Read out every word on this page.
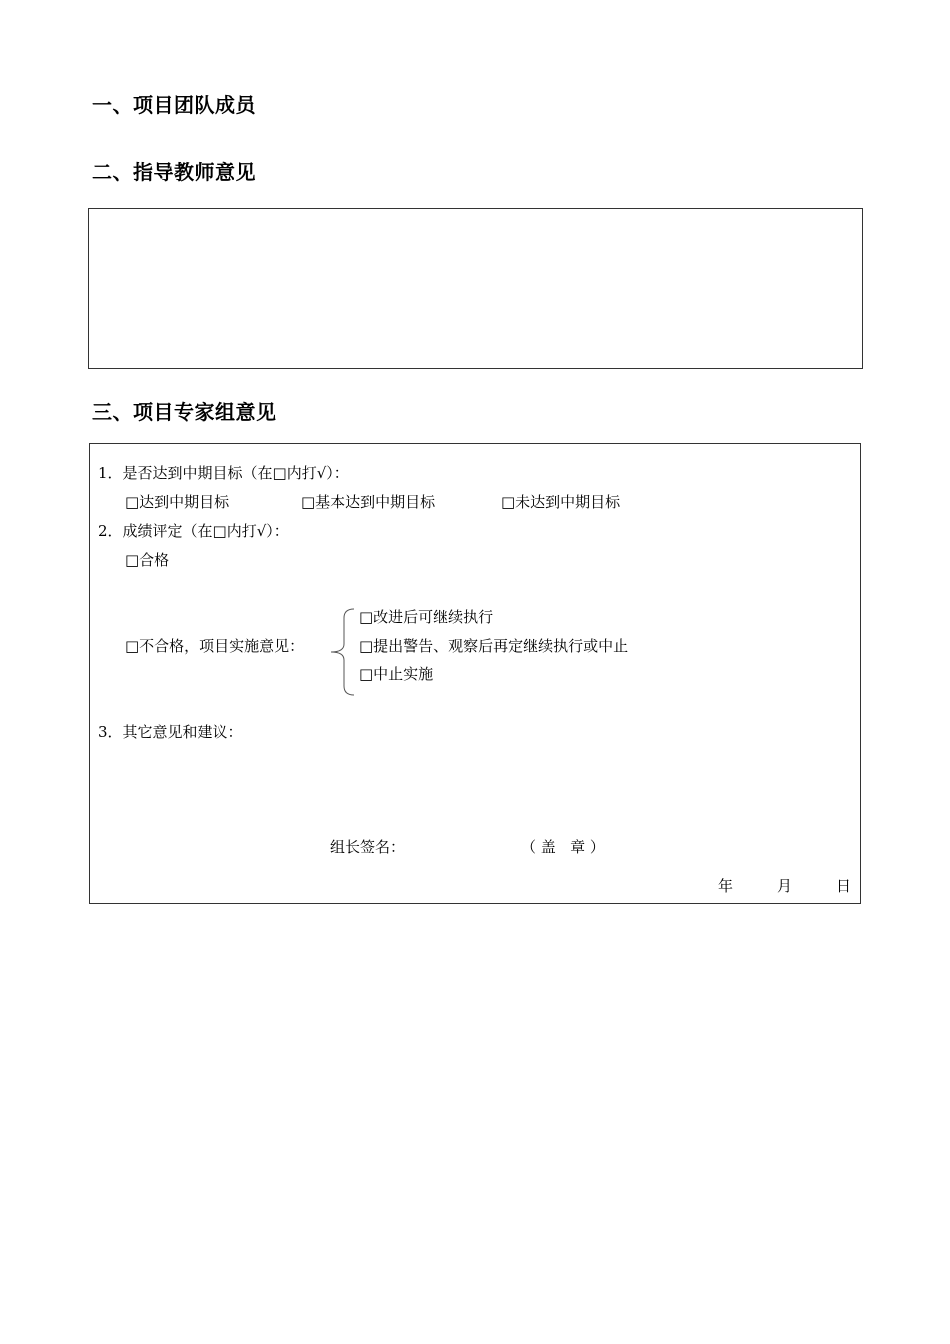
一、项目团队成员
二、指导教师意见
三、项目专家组意见
1．是否达到中期目标（在□内打√）：
□达到中期目标	□基本达到中期目标	□未达到中期目标
2．成绩评定（在□内打√）：
□合格
□不合格，项目实施意见：
□改进后可继续执行
□提出警告、观察后再定继续执行或中止
□中止实施
3．其它意见和建议：
组长签名：	（ 盖   章 ）
年	月	日
